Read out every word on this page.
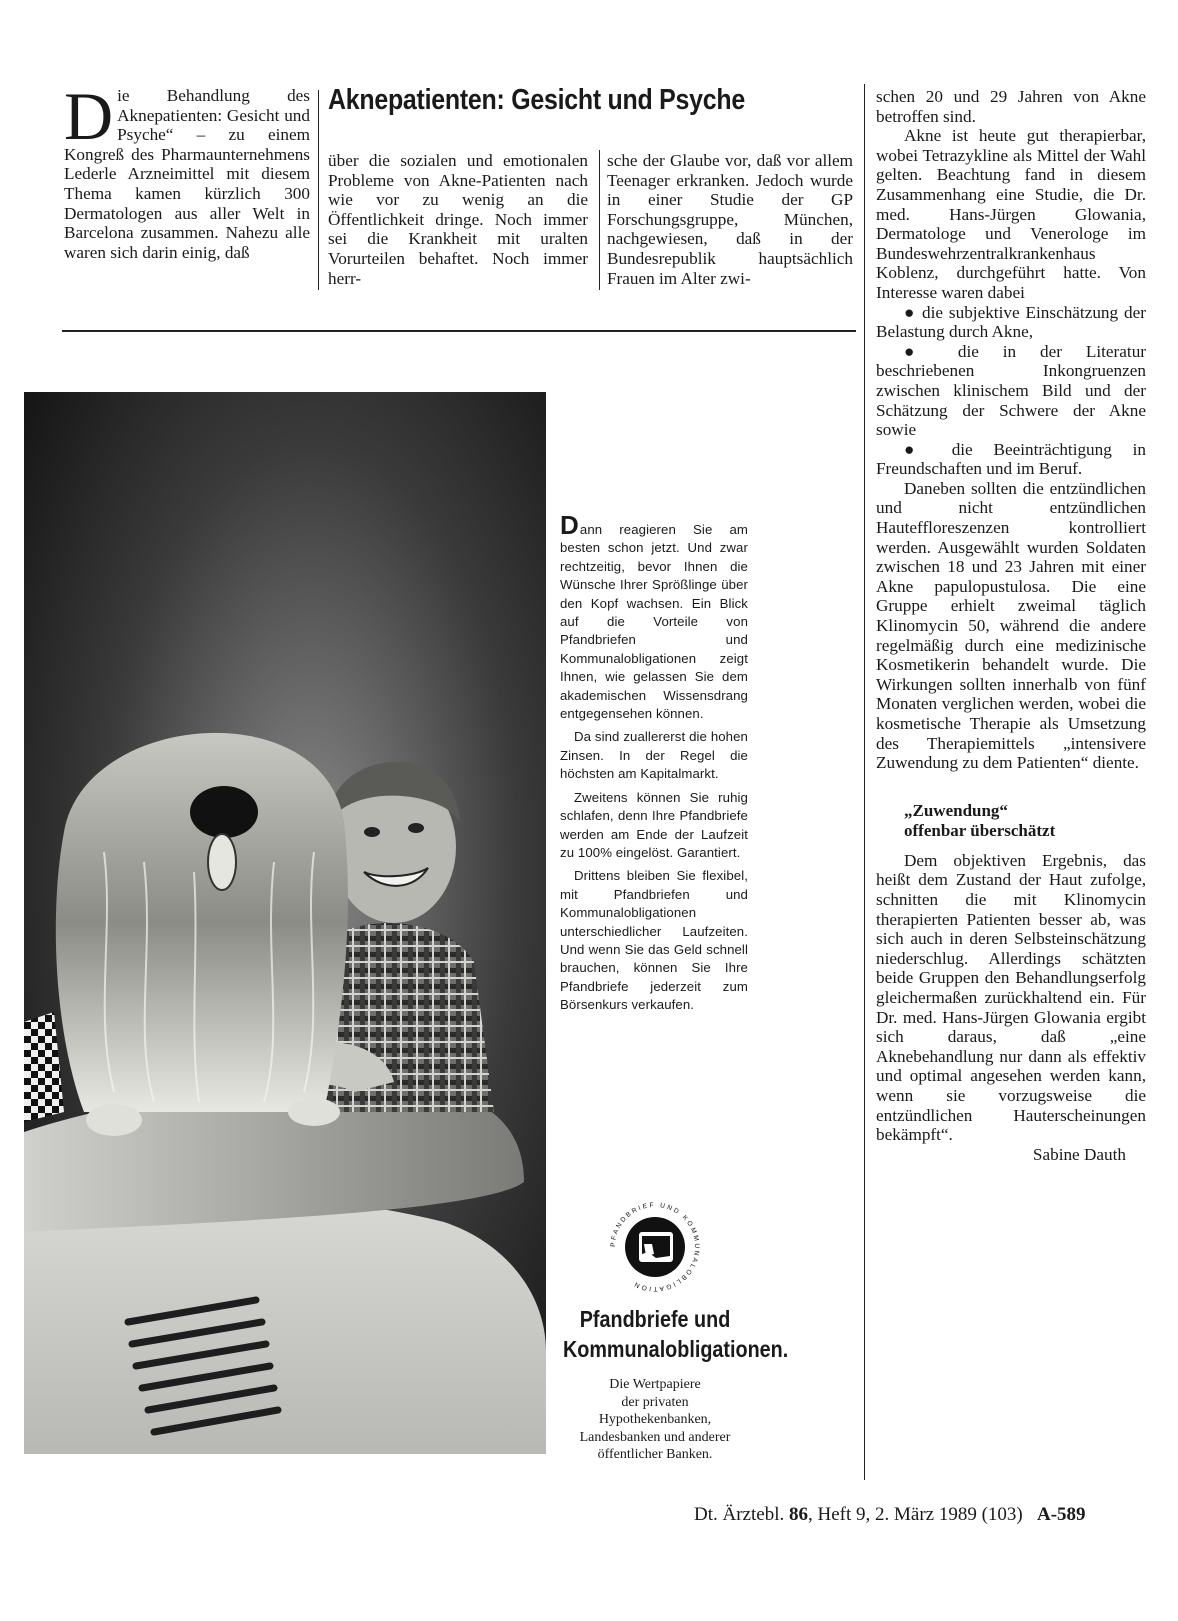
D ie Behandlung des Aknepatienten: Gesicht und Psyche“ – zu einem Kongreß des Pharmaunternehmens Lederle Arzneimittel mit diesem Thema kamen kürzlich 300 Dermatologen aus aller Welt in Barcelona zusammen. Nahezu alle waren sich darin einig, daß
Aknepatienten: Gesicht und Psyche
über die sozialen und emotionalen Probleme von Akne-Patienten nach wie vor zu wenig an die Öffentlichkeit dringe. Noch immer sei die Krankheit mit uralten Vorurteilen behaftet. Noch immer herr-
sche der Glaube vor, daß vor allem Teenager erkranken. Jedoch wurde in einer Studie der GP Forschungsgruppe, München, nachgewiesen, daß in der Bundesrepublik hauptsächlich Frauen im Alter zwi-

schen 20 und 29 Jahren von Akne betroffen sind.

Akne ist heute gut therapierbar, wobei Tetrazykline als Mittel der Wahl gelten. Beachtung fand in diesem Zusammenhang eine Studie, die Dr. med. Hans-Jürgen Glowania, Dermatologe und Venerologe im Bundeswehrzentralkrankenhaus Koblenz, durchgeführt hatte. Von Interesse waren dabei

● die subjektive Einschätzung der Belastung durch Akne,

● die in der Literatur beschriebenen Inkongruenzen zwischen klinischem Bild und der Schätzung der Schwere der Akne sowie

● die Beeinträchtigung in Freundschaften und im Beruf.

Daneben sollten die entzündlichen und nicht entzündlichen Hauteffloreszenzen kontrolliert werden. Ausgewählt wurden Soldaten zwischen 18 und 23 Jahren mit einer Akne papulopustulosa. Die eine Gruppe erhielt zweimal täglich Klinomycin 50, während die andere regelmäßig durch eine medizinische Kosmetikerin behandelt wurde. Die Wirkungen sollten innerhalb von fünf Monaten verglichen werden, wobei die kosmetische Therapie als Umsetzung des Therapiemittels „intensivere Zuwendung zu dem Patienten“ diente.

„Zuwendung“
offenbar überschätzt

Dem objektiven Ergebnis, das heißt dem Zustand der Haut zufolge, schnitten die mit Klinomycin therapierten Patienten besser ab, was sich auch in deren Selbsteinschätzung niederschlug. Allerdings schätzten beide Gruppen den Behandlungserfolg gleichermaßen zurückhaltend ein. Für Dr. med. Hans-Jürgen Glowania ergibt sich daraus, daß „eine Aknebehandlung nur dann als effektiv und optimal angesehen werden kann, wenn sie vorzugsweise die entzündlichen Hauterscheinungen bekämpft“.

Sabine Dauth

Dann reagieren Sie am besten schon jetzt. Und zwar rechtzeitig, bevor Ihnen die Wünsche Ihrer Sprößlinge über den Kopf wachsen. Ein Blick auf die Vorteile von Pfandbriefen und Kommunalobligationen zeigt Ihnen, wie gelassen Sie dem akademischen Wissensdrang entgegensehen können.

Da sind zuallererst die hohen Zinsen. In der Regel die höchsten am Kapitalmarkt.

Zweitens können Sie ruhig schlafen, denn Ihre Pfandbriefe werden am Ende der Laufzeit zu 100% eingelöst. Garantiert.

Drittens bleiben Sie flexibel, mit Pfandbriefen und Kommunalobligationen unterschiedlicher Laufzeiten. Und wenn Sie das Geld schnell brauchen, können Sie Ihre Pfandbriefe jederzeit zum Börsenkurs verkaufen.

PFANDBRIEF UND KOMMUNALOBLIGATION
Pfandbriefe und
Kommunalobligationen.
Die Wertpapiere
der privaten
Hypothekenbanken,
Landesbanken und anderer
öffentlicher Banken.
Dt. Ärztebl. 86, Heft 9, 2. März 1989 (103) A-589
